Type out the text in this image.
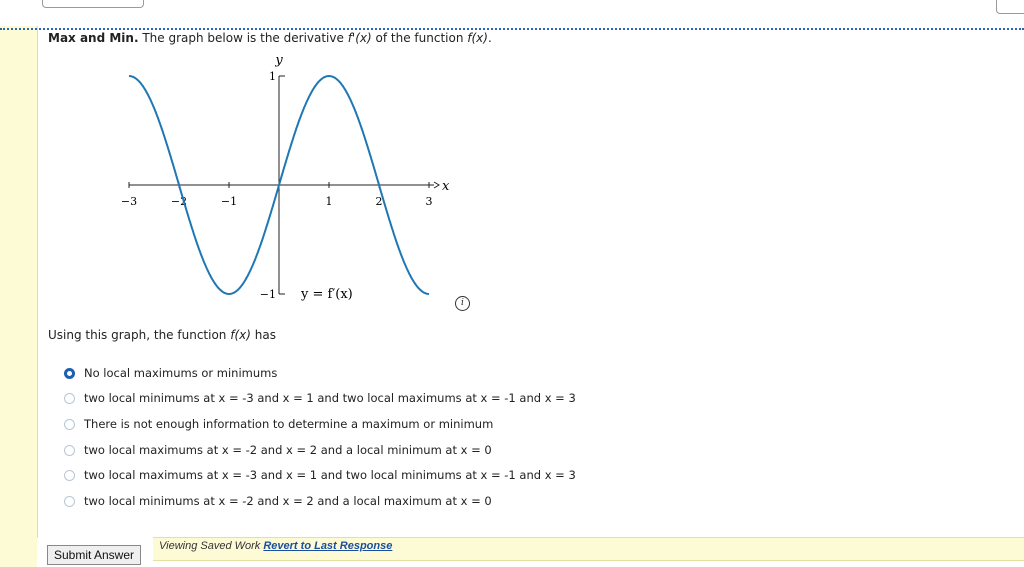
Max and Min. The graph below is the derivative f'(x) of the function f(x).
−3	−2	−1	1	2	3
y
x
1
−1 y = f′(x)
i
Using this graph, the function f(x) has
No local maximums or minimums
two local minimums at x = -3 and x = 1 and two local maximums at x = -1 and x = 3
There is not enough information to determine a maximum or minimum
two local maximums at x = -2 and x = 2 and a local minimum at x = 0
two local maximums at x = -3 and x = 1 and two local minimums at x = -1 and x = 3
two local minimums at x = -2 and x = 2 and a local maximum at x = 0
Submit Answer
Viewing Saved Work Revert to Last Response
